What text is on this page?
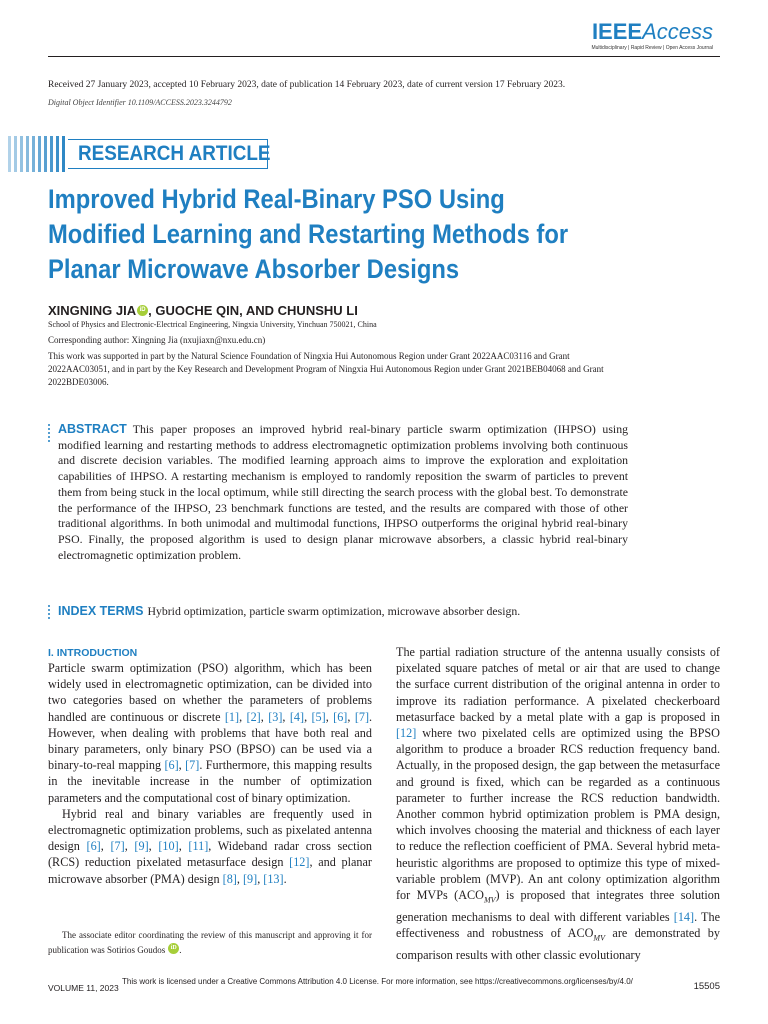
IEEEAccess
Multidisciplinary | Rapid Review | Open Access Journal
Received 27 January 2023, accepted 10 February 2023, date of publication 14 February 2023, date of current version 17 February 2023.
Digital Object Identifier 10.1109/ACCESS.2023.3244792
RESEARCH ARTICLE
Improved Hybrid Real-Binary PSO Using Modified Learning and Restarting Methods for Planar Microwave Absorber Designs
XINGNING JIA iD , GUOCHE QIN, AND CHUNSHU LI
School of Physics and Electronic-Electrical Engineering, Ningxia University, Yinchuan 750021, China
Corresponding author: Xingning Jia (nxujiaxn@nxu.edu.cn)
This work was supported in part by the Natural Science Foundation of Ningxia Hui Autonomous Region under Grant 2022AAC03116 and Grant 2022AAC03051, and in part by the Key Research and Development Program of Ningxia Hui Autonomous Region under Grant 2021BEB04068 and Grant 2022BDE03006.
ABSTRACT This paper proposes an improved hybrid real-binary particle swarm optimization (IHPSO) using modified learning and restarting methods to address electromagnetic optimization problems involving both continuous and discrete decision variables. The modified learning approach aims to improve the exploration and exploitation capabilities of IHPSO. A restarting mechanism is employed to randomly reposition the swarm of particles to prevent them from being stuck in the local optimum, while still directing the search process with the global best. To demonstrate the performance of the IHPSO, 23 benchmark functions are tested, and the results are compared with those of other traditional algorithms. In both unimodal and multimodal functions, IHPSO outperforms the original hybrid real-binary PSO. Finally, the proposed algorithm is used to design planar microwave absorbers, a classic hybrid real-binary electromagnetic optimization problem.
INDEX TERMS Hybrid optimization, particle swarm optimization, microwave absorber design.
I. INTRODUCTION

Particle swarm optimization (PSO) algorithm, which has been widely used in electromagnetic optimization, can be divided into two categories based on whether the parameters of problems handled are continuous or discrete [1], [2], [3], [4], [5], [6], [7]. However, when dealing with problems that have both real and binary parameters, only binary PSO (BPSO) can be used via a binary-to-real mapping [6], [7]. Furthermore, this mapping results in the inevitable increase in the number of optimization parameters and the computational cost of binary optimization.

Hybrid real and binary variables are frequently used in electromagnetic optimization problems, such as pixelated antenna design [6], [7], [9], [10], [11], Wideband radar cross section (RCS) reduction pixelated metasurface design [12], and planar microwave absorber (PMA) design [8], [9], [13].

The associate editor coordinating the review of this manuscript and approving it for publication was Sotirios Goudos iD .

The partial radiation structure of the antenna usually consists of pixelated square patches of metal or air that are used to change the surface current distribution of the original antenna in order to improve its radiation performance. A pixelated checkerboard metasurface backed by a metal plate with a gap is proposed in [12] where two pixelated cells are optimized using the BPSO algorithm to produce a broader RCS reduction frequency band. Actually, in the proposed design, the gap between the metasurface and ground is fixed, which can be regarded as a continuous parameter to further increase the RCS reduction bandwidth. Another common hybrid optimization problem is PMA design, which involves choosing the material and thickness of each layer to reduce the reflection coefficient of PMA. Several hybrid meta-heuristic algorithms are proposed to optimize this type of mixed-variable problem (MVP). An ant colony optimization algorithm for MVPs $(ACO_{MV})$ is proposed that integrates three solution generation mechanisms to deal with different variables [14]. The effectiveness and robustness of $ACO_{MV}$ are demonstrated by comparison results with other classic evolutionary

VOLUME 11, 2023
This work is licensed under a Creative Commons Attribution 4.0 License. For more information, see https://creativecommons.org/licenses/by/4.0/	15505
